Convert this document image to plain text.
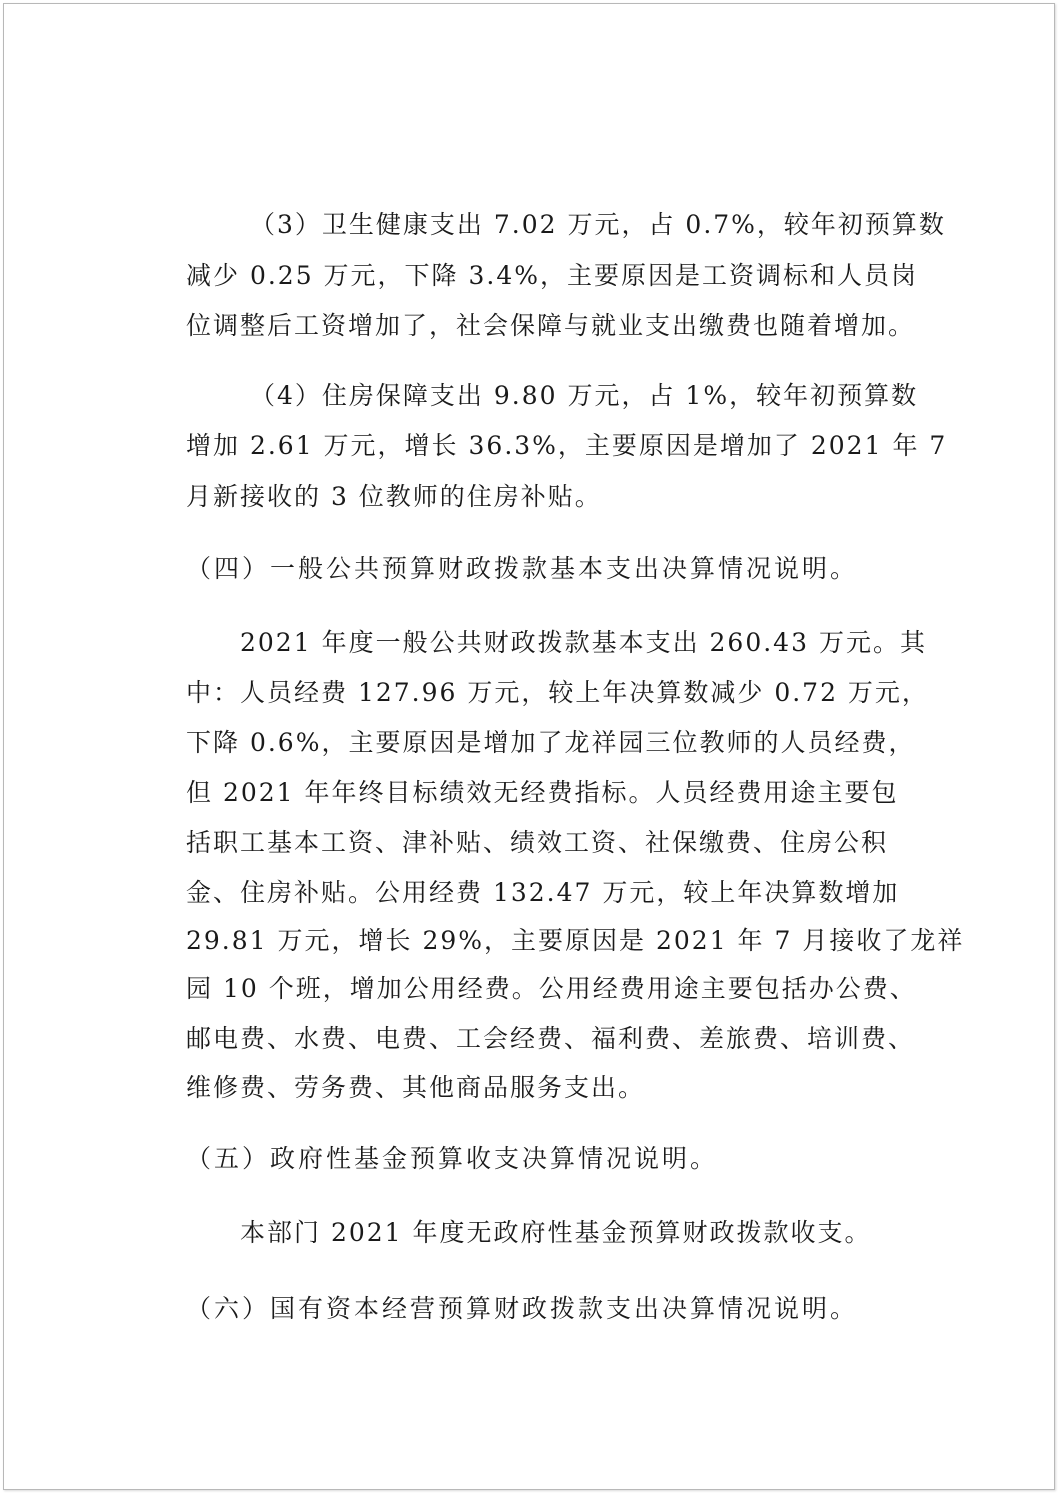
（3）卫生健康支出 7.02 万元，占 0.7%，较年初预算数
减少 0.25 万元，下降 3.4%，主要原因是工资调标和人员岗
位调整后工资增加了，社会保障与就业支出缴费也随着增加。
（4）住房保障支出 9.80 万元，占 1%，较年初预算数
增加 2.61 万元，增长 36.3%，主要原因是增加了 2021 年 7
月新接收的 3 位教师的住房补贴。
（四）一般公共预算财政拨款基本支出决算情况说明。
2021 年度一般公共财政拨款基本支出 260.43 万元。其
中：人员经费 127.96 万元，较上年决算数减少 0.72 万元，
下降 0.6%，主要原因是增加了龙祥园三位教师的人员经费，
但 2021 年年终目标绩效无经费指标。人员经费用途主要包
括职工基本工资、津补贴、绩效工资、社保缴费、住房公积
金、住房补贴。公用经费 132.47 万元，较上年决算数增加
29.81 万元，增长 29%，主要原因是 2021 年 7 月接收了龙祥
园 10 个班，增加公用经费。公用经费用途主要包括办公费、
邮电费、水费、电费、工会经费、福利费、差旅费、培训费、
维修费、劳务费、其他商品服务支出。
（五）政府性基金预算收支决算情况说明。
本部门 2021 年度无政府性基金预算财政拨款收支。
（六）国有资本经营预算财政拨款支出决算情况说明。
